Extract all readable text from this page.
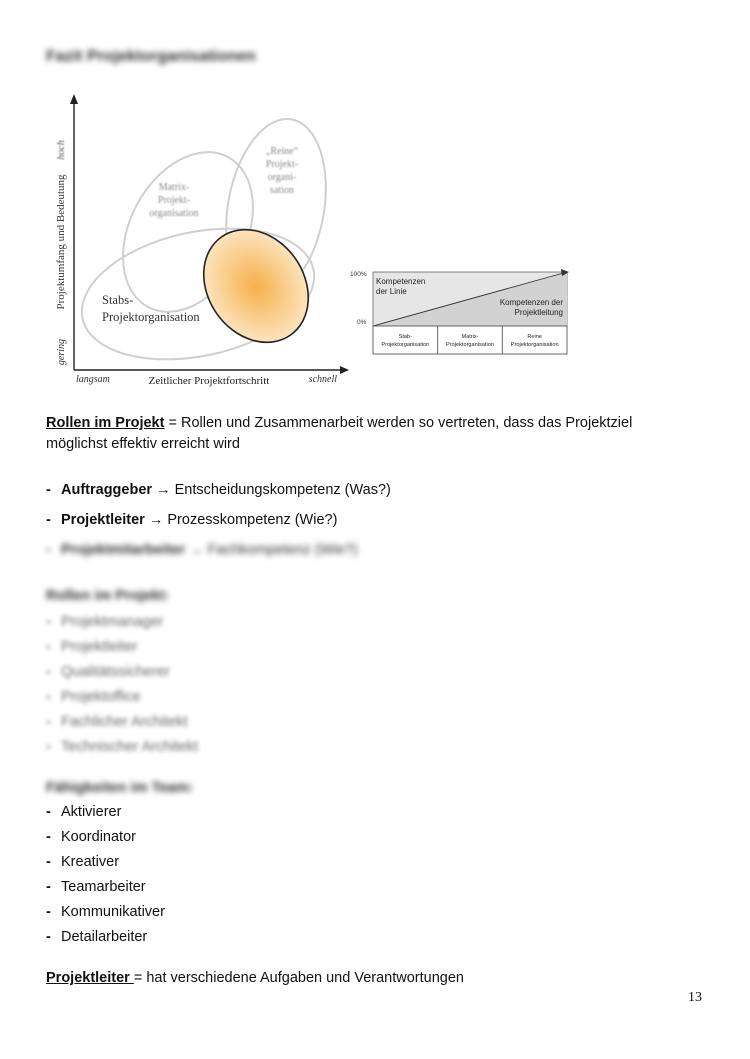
Fazit Projektorganisationen
hoch
Projektumfang und Bedeutung
gering
langsam	Zeitlicher Projektfortschritt	schnell
Matrix-
Projekt-
organisation
„Reine“
Projekt-
organi-
sation
Stabs-
Projektorganisation
100%
0%
Kompetenzen
der Linie
Kompetenzen der
Projektleitung
Stab-
Projektorganisation
Matrix-
Projektorganisation
Reine
Projektorganisation
Rollen im Projekt = Rollen und Zusammenarbeit werden so vertreten, dass das Projektziel
möglichst effektiv erreicht wird
- Auftraggeber → Entscheidungskompetenz (Was?)
- Projektleiter → Prozesskompetenz (Wie?)
- Projektmitarbeiter → Fachkompetenz (Wie?)
Rollen im Projekt:
- Projektmanager
- Projektleiter
- Qualitätssicherer
- Projektoffice
- Fachlicher Architekt
- Technischer Architekt
Fähigkeiten im Team:
- Aktivierer
- Koordinator
- Kreativer
- Teamarbeiter
- Kommunikativer
- Detailarbeiter
Projektleiter = hat verschiedene Aufgaben und Verantwortungen
13
